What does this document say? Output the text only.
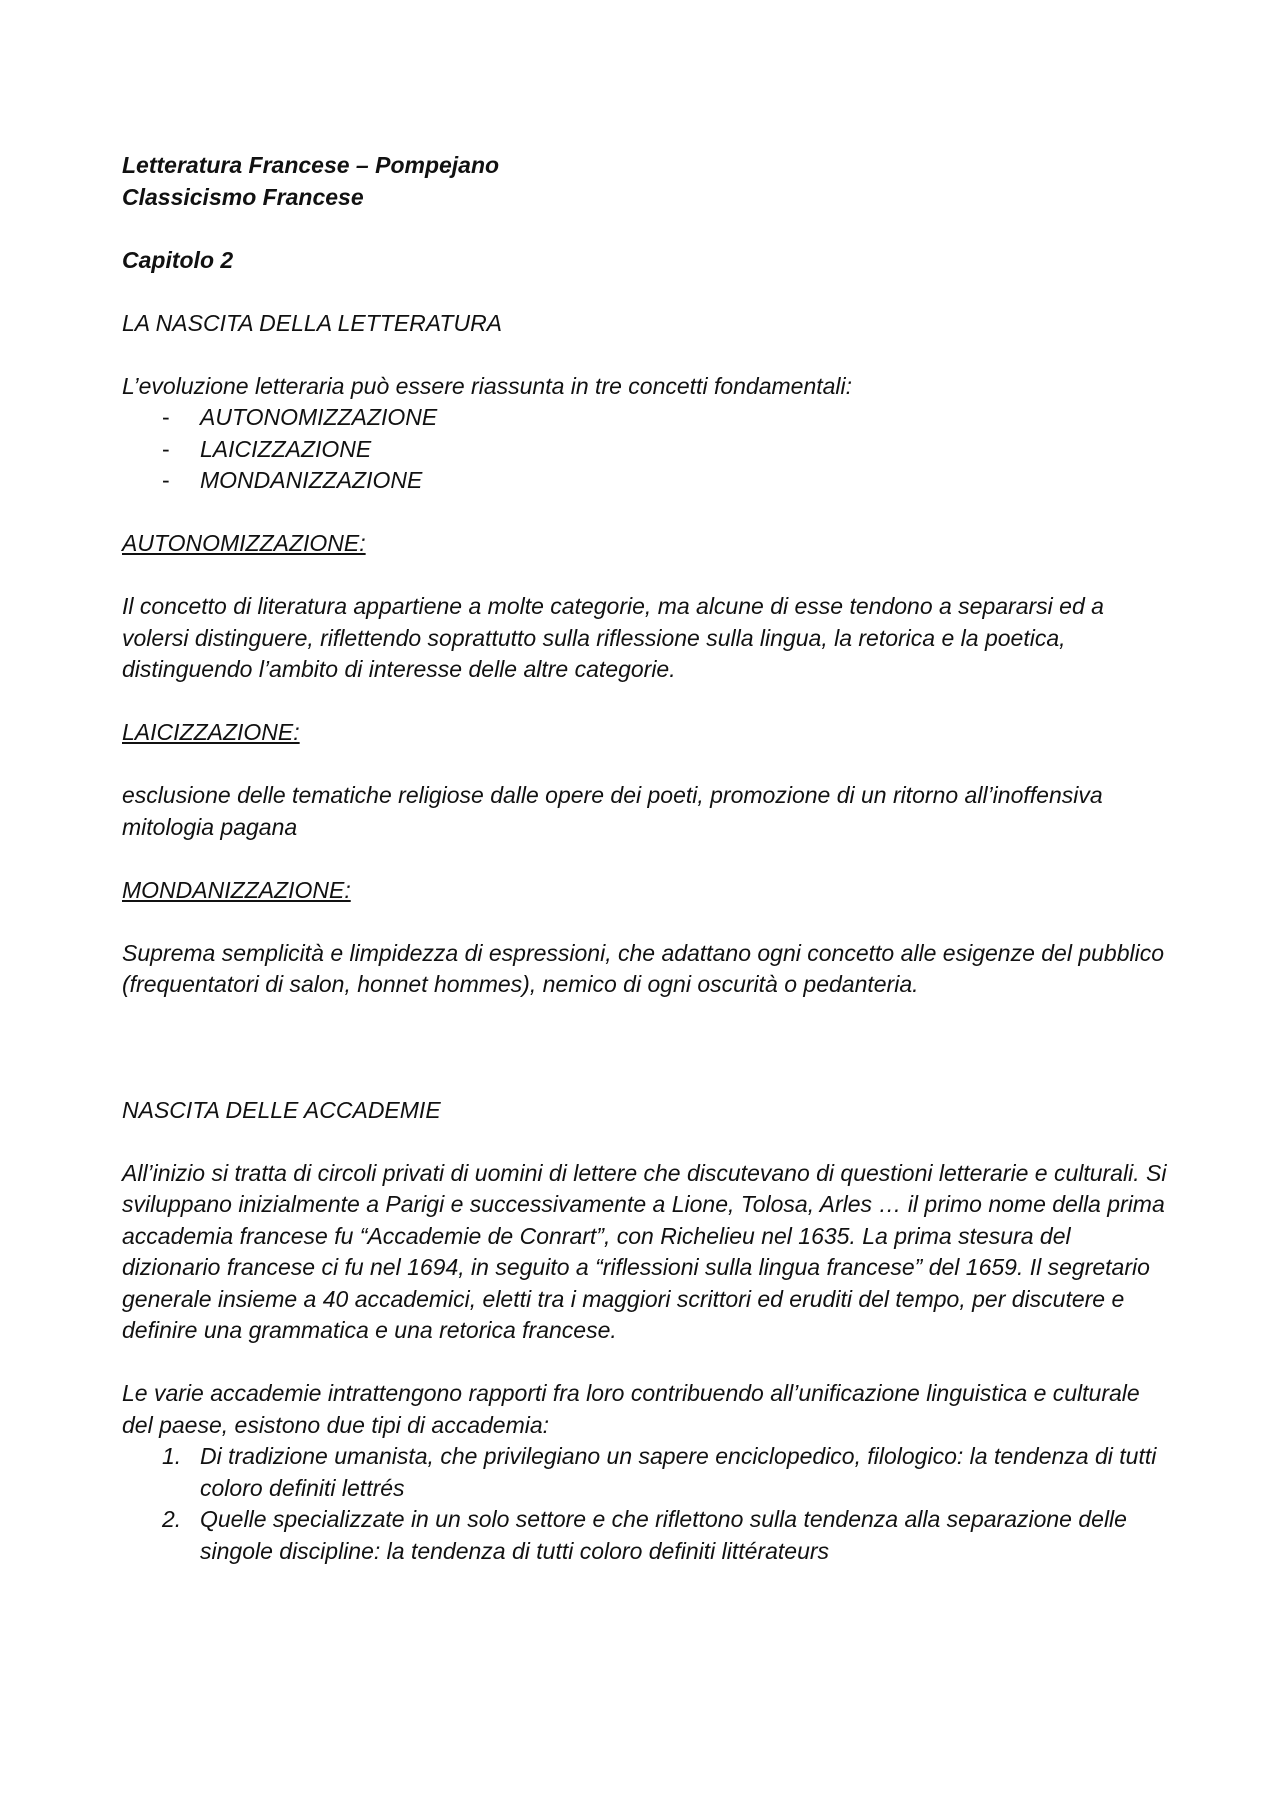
Letteratura Francese – Pompejano

Classicismo Francese

Capitolo 2

LA NASCITA DELLA LETTERATURA

L’evoluzione letteraria può essere riassunta in tre concetti fondamentali:

- AUTONOMIZZAZIONE
- LAICIZZAZIONE
- MONDANIZZAZIONE

AUTONOMIZZAZIONE:

Il concetto di literatura appartiene a molte categorie, ma alcune di esse tendono a separarsi ed a volersi distinguere, riflettendo soprattutto sulla riflessione sulla lingua, la retorica e la poetica, distinguendo l’ambito di interesse delle altre categorie.

LAICIZZAZIONE:

esclusione delle tematiche religiose dalle opere dei poeti, promozione di un ritorno all’inoffensiva mitologia pagana

MONDANIZZAZIONE:

Suprema semplicità e limpidezza di espressioni, che adattano ogni concetto alle esigenze del pubblico (frequentatori di salon, honnet hommes), nemico di ogni oscurità o pedanteria.

NASCITA DELLE ACCADEMIE

All’inizio si tratta di circoli privati di uomini di lettere che discutevano di questioni letterarie e culturali. Si sviluppano inizialmente a Parigi e successivamente a Lione, Tolosa, Arles … il primo nome della prima accademia francese fu “Accademie de Conrart”, con Richelieu nel 1635. La prima stesura del dizionario francese ci fu nel 1694, in seguito a “riflessioni sulla lingua francese” del 1659. Il segretario generale insieme a 40 accademici, eletti tra i maggiori scrittori ed eruditi del tempo, per discutere e definire una grammatica e una retorica francese.

Le varie accademie intrattengono rapporti fra loro contribuendo all’unificazione linguistica e culturale del paese, esistono due tipi di accademia:

1. Di tradizione umanista, che privilegiano un sapere enciclopedico, filologico: la tendenza di tutti coloro definiti lettrés
2. Quelle specializzate in un solo settore e che riflettono sulla tendenza alla separazione delle singole discipline: la tendenza di tutti coloro definiti littérateurs
